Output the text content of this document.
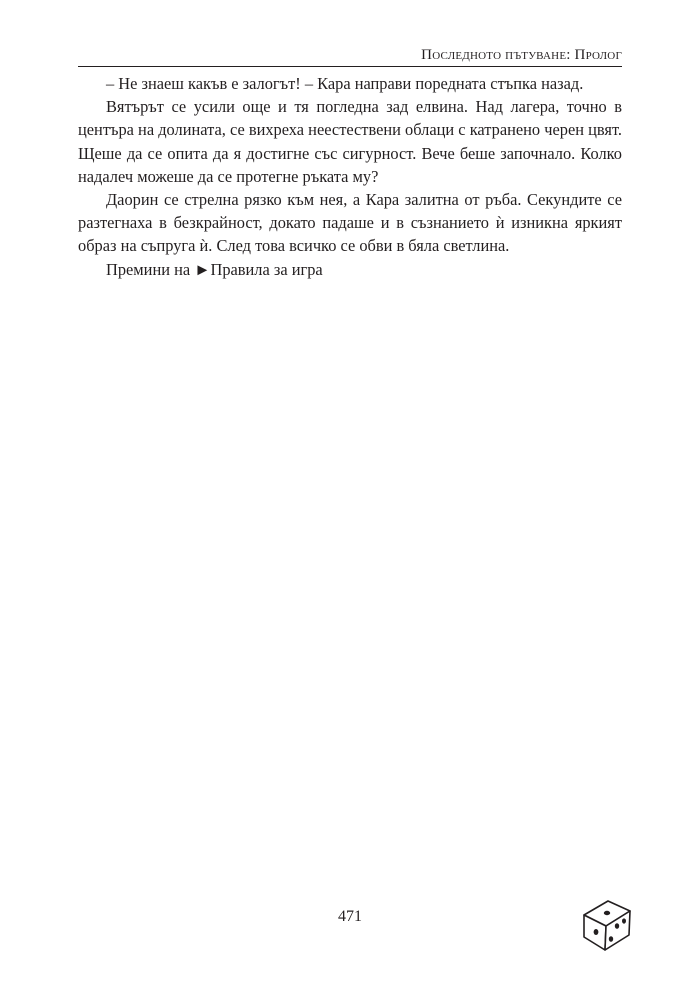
Последното пътуване: Пролог

– Не знаеш какъв е залогът! – Кара направи поредната стъпка назад.

Вятърът се усили още и тя погледна зад елвина. Над лагера, точно в центъра на долината, се вихреха неестествени облаци с катранено черен цвят. Щеше да се опита да я достигне със сигурност. Вече беше започнало. Колко надалеч можеше да се протегне ръката му?

Даорин се стрелна рязко към нея, а Кара залитна от ръба. Секундите се разтегнаха в безкрайност, докато падаше и в съзнанието ѝ изникна яркият образ на съпруга ѝ. След това всичко се обви в бяла светлина.

Премини на ►Правила за игра

471
